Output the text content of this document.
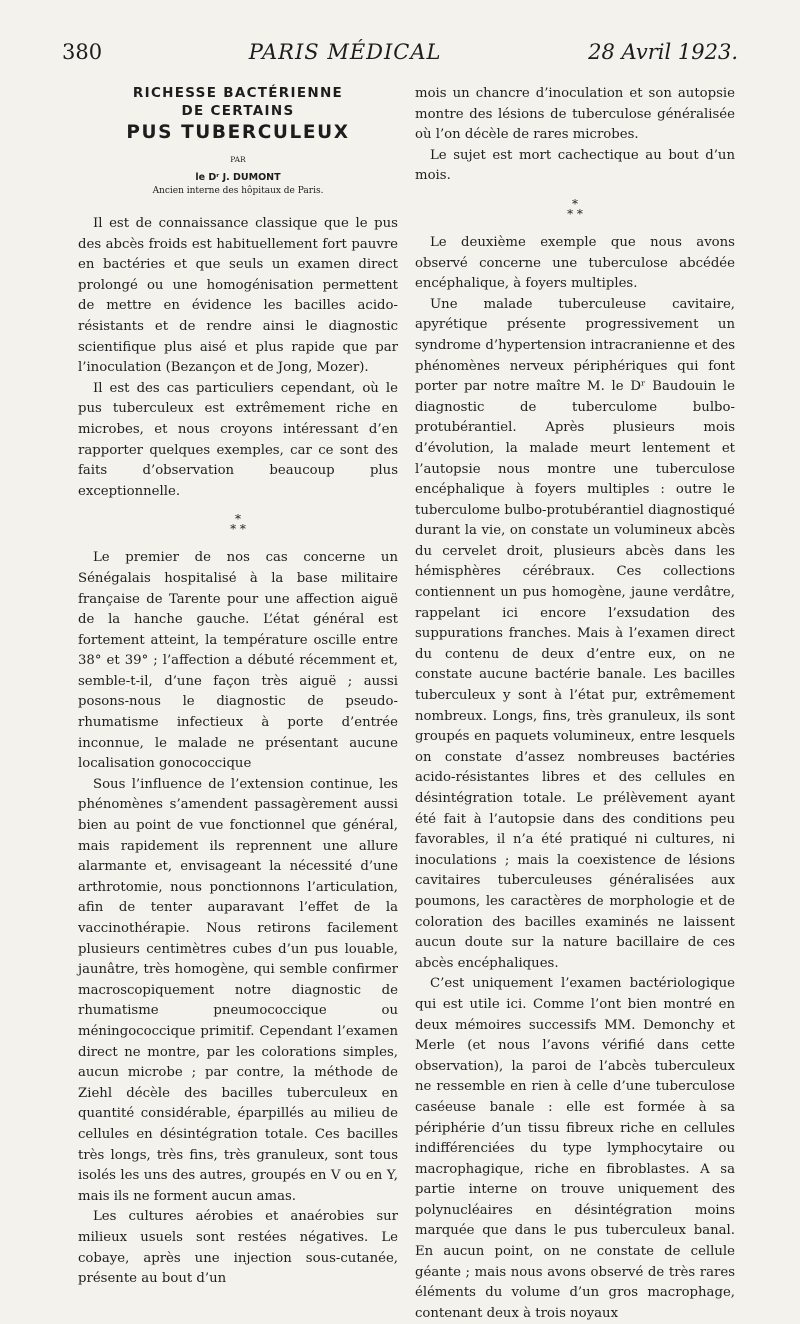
380	PARIS MÉDICAL	28 Avril 1923.
RICHESSE BACTÉRIENNE
DE CERTAINS
PUS TUBERCULEUX
PAR
le Dʳ J. DUMONT
Ancien interne des hôpitaux de Paris.

Il est de connaissance classique que le pus des abcès froids est habituellement fort pauvre en bactéries et que seuls un examen direct prolongé ou une homogénisation permettent de mettre en évidence les bacilles acido-résistants et de rendre ainsi le diagnostic scientifique plus aisé et plus rapide que par l’inoculation (Bezançon et de Jong, Mozer).

Il est des cas particuliers cependant, où le pus tuberculeux est extrêmement riche en microbes, et nous croyons intéressant d’en rapporter quelques exemples, car ce sont des faits d’observation beaucoup plus exceptionnelle.

*
* *

Le premier de nos cas concerne un Sénégalais hospitalisé à la base militaire française de Tarente pour une affection aiguë de la hanche gauche. L’état général est fortement atteint, la température oscille entre 38° et 39° ; l’affection a débuté récemment et, semble-t-il, d’une façon très aiguë ; aussi posons-nous le diagnostic de pseudo-rhumatisme infectieux à porte d’entrée inconnue, le malade ne présentant aucune localisation gonococcique

Sous l’influence de l’extension continue, les phénomènes s’amendent passagèrement aussi bien au point de vue fonctionnel que général, mais rapidement ils reprennent une allure alarmante et, envisageant la nécessité d’une arthrotomie, nous ponctionnons l’articulation, afin de tenter auparavant l’effet de la vaccinothérapie. Nous retirons facilement plusieurs centimètres cubes d’un pus louable, jaunâtre, très homogène, qui semble confirmer macroscopiquement notre diagnostic de rhumatisme pneumococcique ou méningococcique primitif. Cependant l’examen direct ne montre, par les colorations simples, aucun microbe ; par contre, la méthode de Ziehl décèle des bacilles tuberculeux en quantité considérable, éparpillés au milieu de cellules en désintégration totale. Ces bacilles très longs, très fins, très granuleux, sont tous isolés les uns des autres, groupés en V ou en Y, mais ils ne forment aucun amas.

Les cultures aérobies et anaérobies sur milieux usuels sont restées négatives. Le cobaye, après une injection sous-cutanée, présente au bout d’un

mois un chancre d’inoculation et son autopsie montre des lésions de tuberculose généralisée où l’on décèle de rares microbes.

Le sujet est mort cachectique au bout d’un mois.

*
* *

Le deuxième exemple que nous avons observé concerne une tuberculose abcédée encéphalique, à foyers multiples.

Une malade tuberculeuse cavitaire, apyrétique présente progressivement un syndrome d’hypertension intracranienne et des phénomènes nerveux périphériques qui font porter par notre maître M. le Dʳ Baudouin le diagnostic de tuberculome bulbo-protubérantiel. Après plusieurs mois d’évolution, la malade meurt lentement et l’autopsie nous montre une tuberculose encéphalique à foyers multiples : outre le tuberculome bulbo-protubérantiel diagnostiqué durant la vie, on constate un volumineux abcès du cervelet droit, plusieurs abcès dans les hémisphères cérébraux. Ces collections contiennent un pus homogène, jaune verdâtre, rappelant ici encore l’exsudation des suppurations franches. Mais à l’examen direct du contenu de deux d’entre eux, on ne constate aucune bactérie banale. Les bacilles tuberculeux y sont à l’état pur, extrêmement nombreux. Longs, fins, très granuleux, ils sont groupés en paquets volumineux, entre lesquels on constate d’assez nombreuses bactéries acido-résistantes libres et des cellules en désintégration totale. Le prélèvement ayant été fait à l’autopsie dans des conditions peu favorables, il n’a été pratiqué ni cultures, ni inoculations ; mais la coexistence de lésions cavitaires tuberculeuses généralisées aux poumons, les caractères de morphologie et de coloration des bacilles examinés ne laissent aucun doute sur la nature bacillaire de ces abcès encéphaliques.

C’est uniquement l’examen bactériologique qui est utile ici. Comme l’ont bien montré en deux mémoires successifs MM. Demonchy et Merle (et nous l’avons vérifié dans cette observation), la paroi de l’abcès tuberculeux ne ressemble en rien à celle d’une tuberculose caséeuse banale : elle est formée à sa périphérie d’un tissu fibreux riche en cellules indifférenciées du type lymphocytaire ou macrophagique, riche en fibroblastes. A sa partie interne on trouve uniquement des polynucléaires en désintégration moins marquée que dans le pus tuberculeux banal. En aucun point, on ne constate de cellule géante ; mais nous avons observé de très rares éléments du volume d’un gros macrophage, contenant deux à trois noyaux
